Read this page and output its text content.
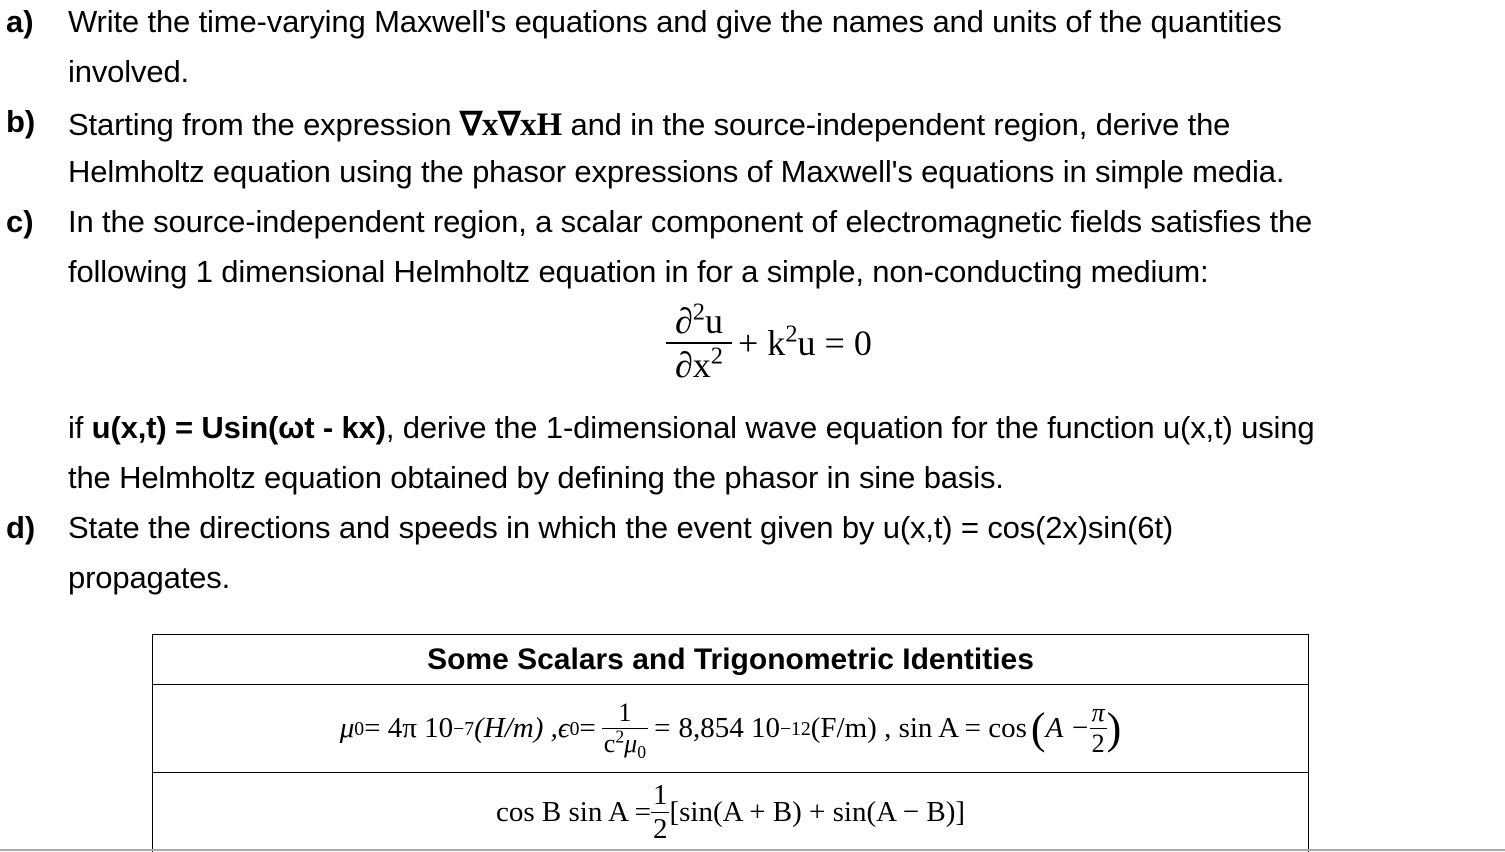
a) Write the time-varying Maxwell's equations and give the names and units of the quantities
involved.
b) Starting from the expression ∇x∇xH and in the source-independent region, derive the
Helmholtz equation using the phasor expressions of Maxwell's equations in simple media.
c) In the source-independent region, a scalar component of electromagnetic fields satisfies the
following 1 dimensional Helmholtz equation in for a simple, non-conducting medium:
$\frac{\partial^2u}{\partial x^2} + k^2u = 0$
if u(x,t) = Usin(ωt - kx), derive the 1-dimensional wave equation for the function u(x,t) using
the Helmholtz equation obtained by defining the phasor in sine basis.
d) State the directions and speeds in which the event given by u(x,t) = cos(2x)sin(6t)
propagates.
Some Scalars and Trigonometric Identities
μ 0 = 4π 10 −7 (H/m) , ϵ $0 = \frac{1}{c^2\mu_0} = 8,854$ 10 −12 (F/m) , sin A = cos ( $A - \frac{\pi}{2}$ )
cos B $\sin A = \frac{1}{2} [\sin(A + B) + \sin(A - B)]$
